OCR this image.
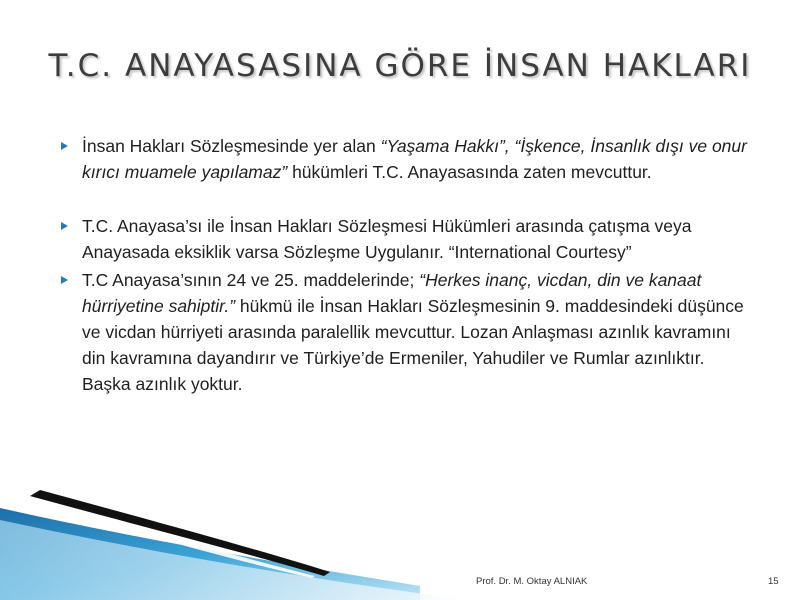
T.C. ANAYASASINA GÖRE İNSAN HAKLARI
İnsan Hakları Sözleşmesinde yer alan “Yaşama Hakkı”, “İşkence, İnsanlık dışı ve onur kırıcı muamele yapılamaz” hükümleri T.C. Anayasasında zaten mevcuttur.
T.C. Anayasa’sı ile İnsan Hakları Sözleşmesi Hükümleri arasında çatışma veya Anayasada eksiklik varsa Sözleşme Uygulanır. “International Courtesy”
T.C Anayasa’sının 24 ve 25. maddelerinde; “Herkes inanç, vicdan, din ve kanaat hürriyetine sahiptir.” hükmü ile İnsan Hakları Sözleşmesinin 9. maddesindeki düşünce ve vicdan hürriyeti arasında paralellik mevcuttur. Lozan Anlaşması azınlık kavramını din kavramına dayandırır ve Türkiye’de Ermeniler, Yahudiler ve Rumlar azınlıktır. Başka azınlık yoktur.
Prof. Dr. M. Oktay ALNIAK	15
